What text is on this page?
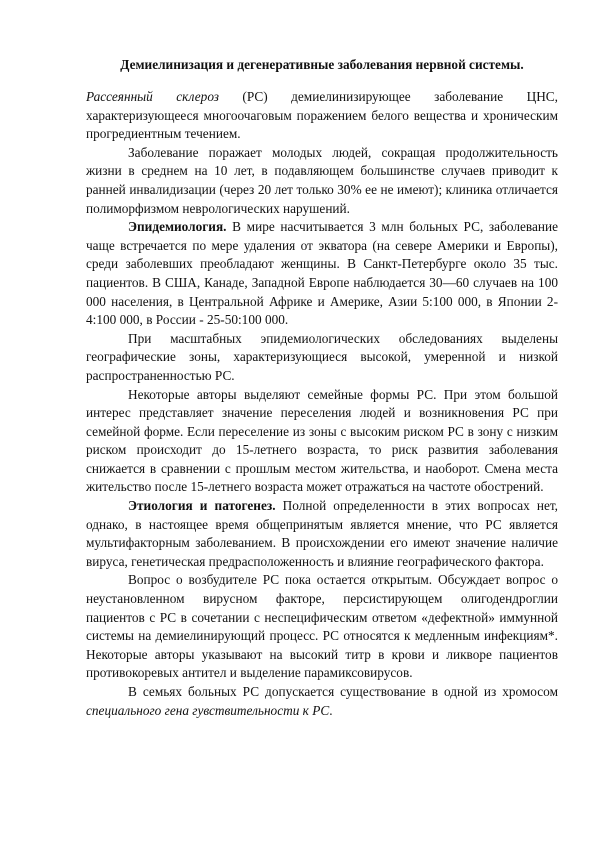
Демиелинизация и дегенеративные заболевания нервной системы.

Рассеянный склероз (РС) демиелинизирующее заболевание ЦНС, характеризующееся многоочаговым поражением белого вещества и хроническим прогредиентным течением.

Заболевание поражает молодых людей, сокращая продолжительность жизни в среднем на 10 лет, в подавляющем большинстве случаев приводит к ранней инвалидизации (через 20 лет только 30% ее не имеют); клиника отличается полиморфизмом неврологических нарушений.

Эпидемиология. В мире насчитывается 3 млн больных РС, заболевание чаще встречается по мере удаления от экватора (на севере Америки и Европы), среди заболевших преобладают женщины. В Санкт-Петербурге около 35 тыс. пациентов. В США, Канаде, Западной Европе наблюдается 30—60 случаев на 100 000 населения, в Центральной Африке и Америке, Азии 5:100 000, в Японии 2-4:100 000, в России - 25-50:100 000.

При масштабных эпидемиологических обследованиях выделены географические зоны, характеризующиеся высокой, умеренной и низкой распространенностью РС.

Некоторые авторы выделяют семейные формы РС. При этом большой интерес представляет значение переселения людей и возникновения РС при семейной форме. Если переселение из зоны с высоким риском РС в зону с низким риском происходит до 15-летнего возраста, то риск развития заболевания снижается в сравнении с прошлым местом жительства, и наоборот. Смена места жительство после 15-летнего возраста может отражаться на частоте обострений.

Этиология и патогенез. Полной определенности в этих вопросах нет, однако, в настоящее время общепринятым является мнение, что РС является мультифакторным заболеванием. В происхождении его имеют значение наличие вируса, генетическая предрасположенность и влияние географического фактора.

Вопрос о возбудителе РС пока остается открытым. Обсуждает вопрос о неустановленном вирусном факторе, персистирующем олигодендроглии пациентов с РС в сочетании с неспецифическим ответом «дефектной» иммунной системы на демиелинирующий процесс. РС относятся к медленным инфекциям*. Некоторые авторы указывают на высокий титр в крови и ликворе пациентов противокоревых антител и выделение парамиксовирусов.

В семьях больных РС допускается существование в одной из хромосом специального гена гувствительности к РС.
